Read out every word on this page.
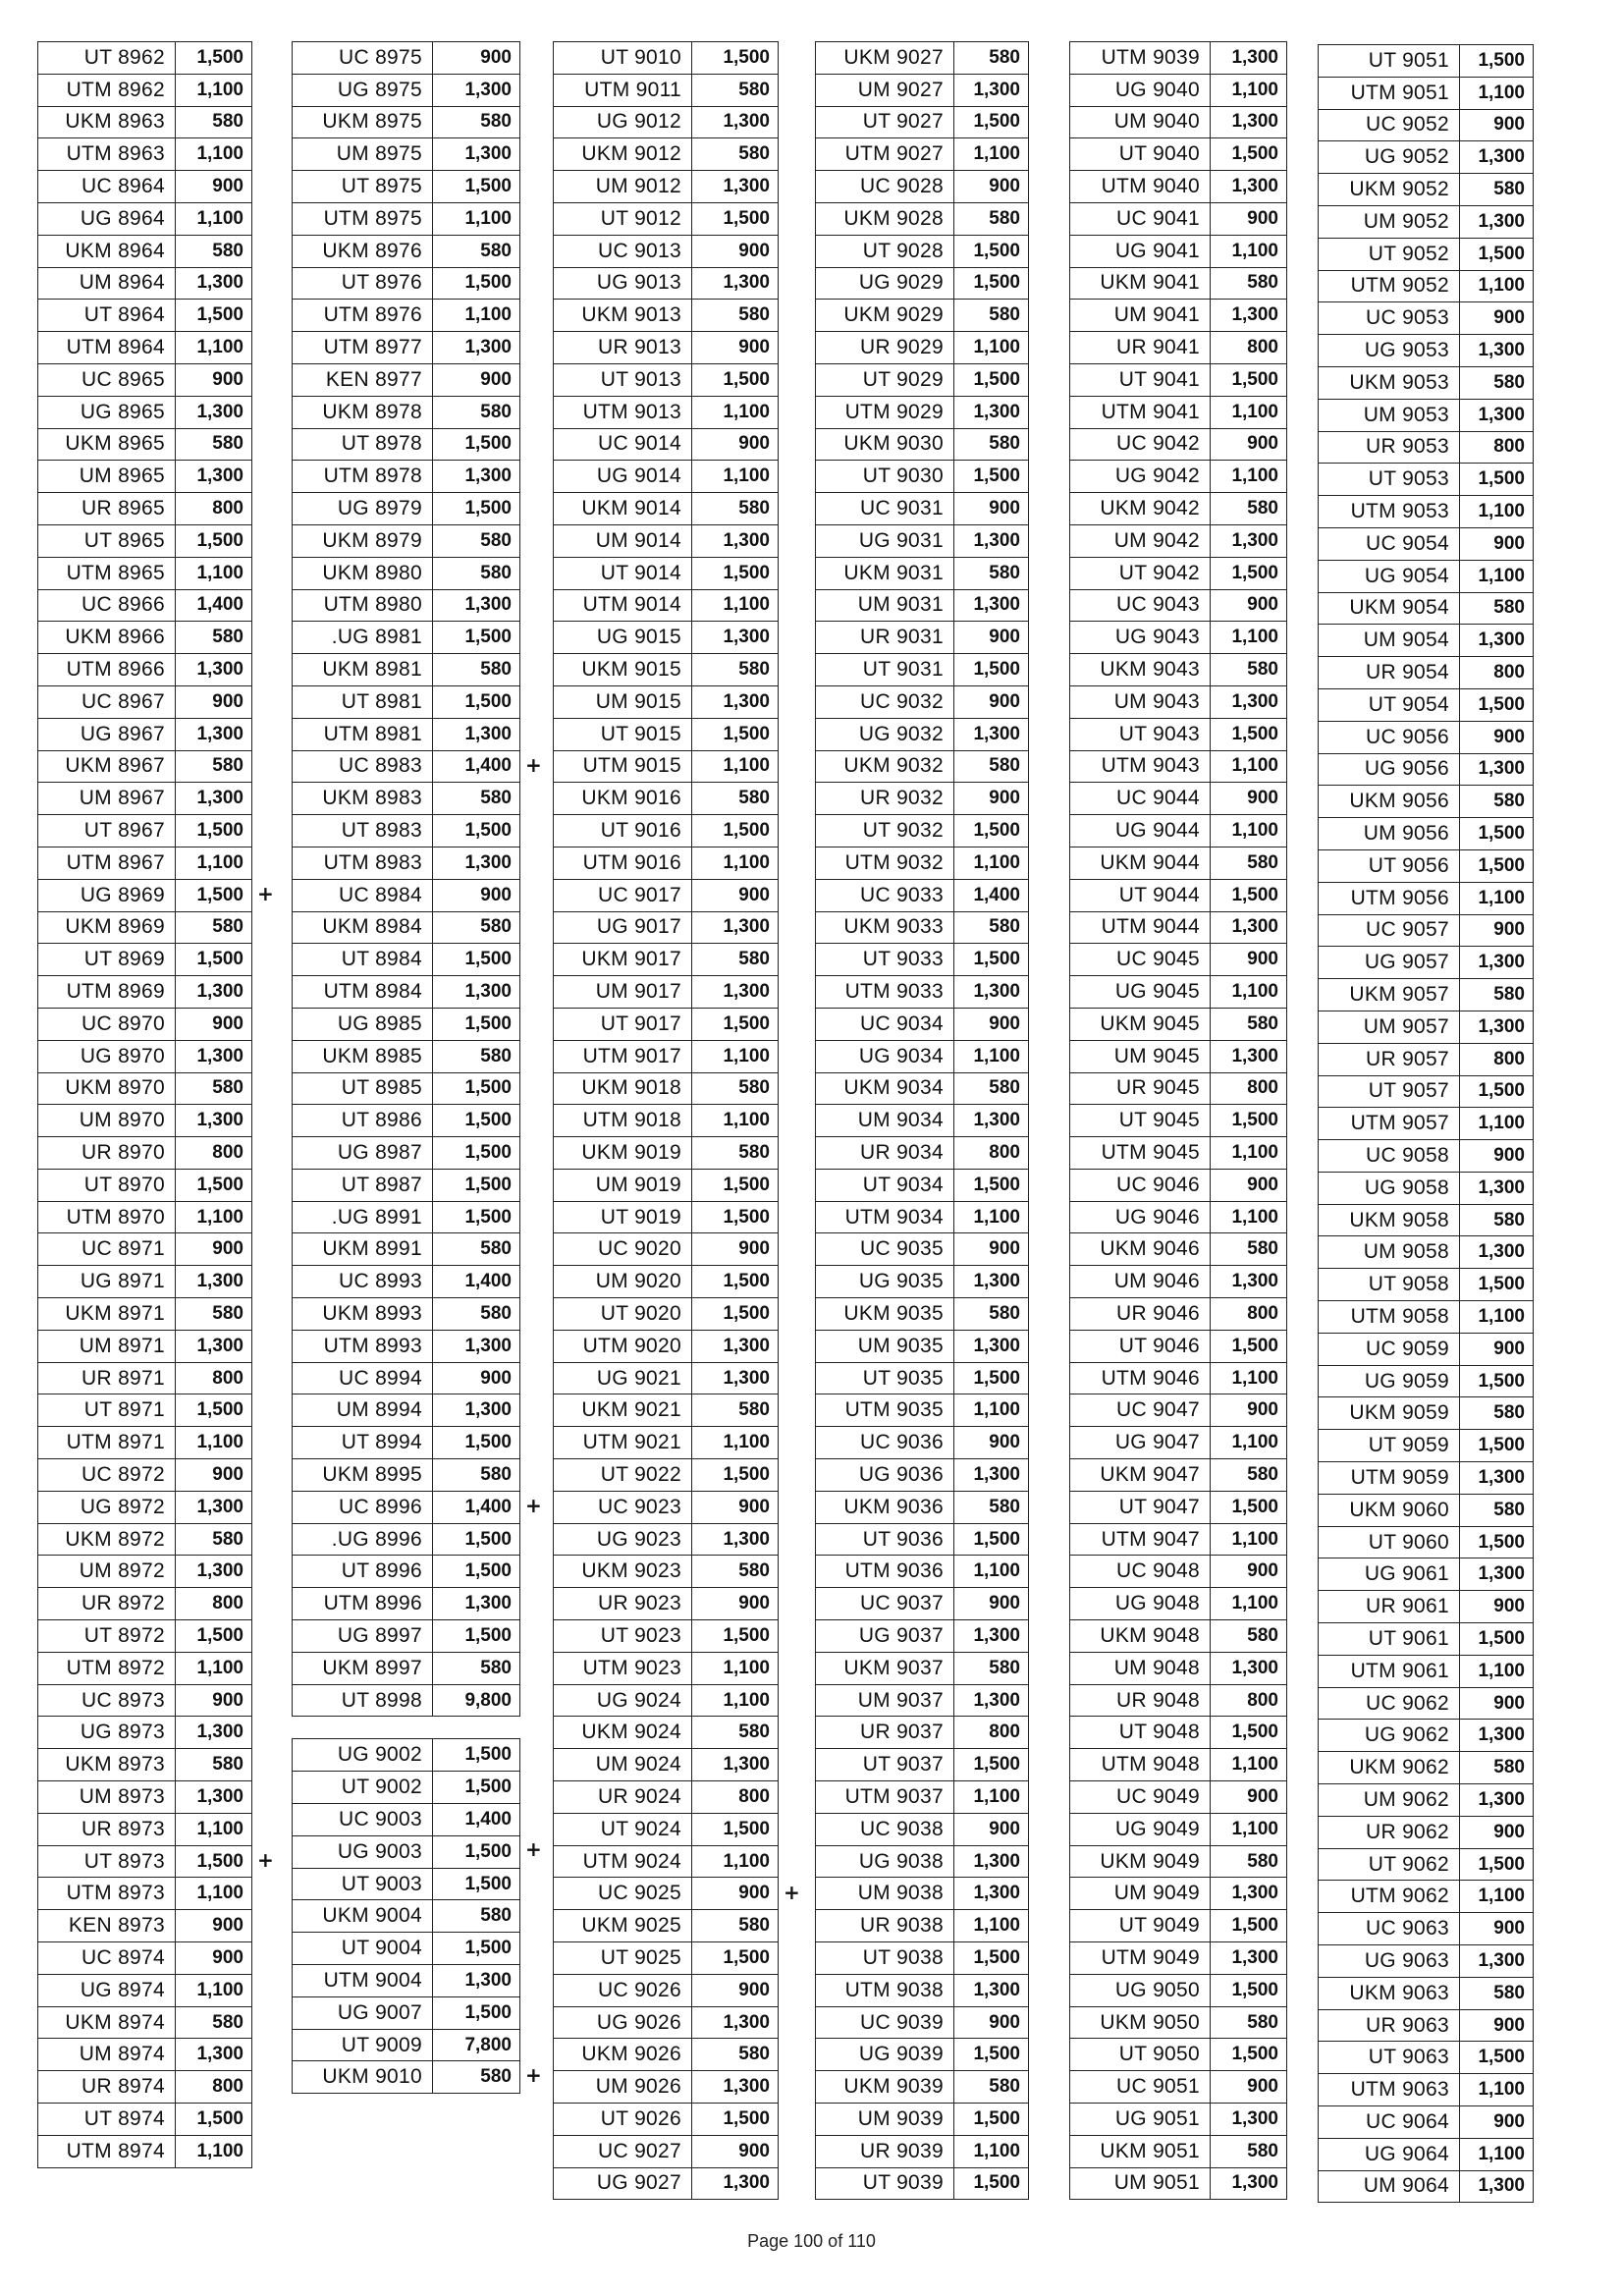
UT 8962	1,500
UTM 8962	1,100
UKM 8963	580
UTM 8963	1,100
UC 8964	900
UG 8964	1,100
UKM 8964	580
UM 8964	1,300
UT 8964	1,500
UTM 8964	1,100
UC 8965	900
UG 8965	1,300
UKM 8965	580
UM 8965	1,300
UR 8965	800
UT 8965	1,500
UTM 8965	1,100
UC 8966	1,400
UKM 8966	580
UTM 8966	1,300
UC 8967	900
UG 8967	1,300
UKM 8967	580
UM 8967	1,300
UT 8967	1,500
UTM 8967	1,100
UG 8969	1,500
UKM 8969	580
UT 8969	1,500
UTM 8969	1,300
UC 8970	900
UG 8970	1,300
UKM 8970	580
UM 8970	1,300
UR 8970	800
UT 8970	1,500
UTM 8970	1,100
UC 8971	900
UG 8971	1,300
UKM 8971	580
UM 8971	1,300
UR 8971	800
UT 8971	1,500
UTM 8971	1,100
UC 8972	900
UG 8972	1,300
UKM 8972	580
UM 8972	1,300
UR 8972	800
UT 8972	1,500
UTM 8972	1,100
UC 8973	900
UG 8973	1,300
UKM 8973	580
UM 8973	1,300
UR 8973	1,100
UT 8973	1,500
UTM 8973	1,100
KEN 8973	900
UC 8974	900
UG 8974	1,100
UKM 8974	580
UM 8974	1,300
UR 8974	800
UT 8974	1,500
UTM 8974	1,100
+
+
UC 8975	900
UG 8975	1,300
UKM 8975	580
UM 8975	1,300
UT 8975	1,500
UTM 8975	1,100
UKM 8976	580
UT 8976	1,500
UTM 8976	1,100
UTM 8977	1,300
KEN 8977	900
UKM 8978	580
UT 8978	1,500
UTM 8978	1,300
UG 8979	1,500
UKM 8979	580
UKM 8980	580
UTM 8980	1,300
.UG 8981	1,500
UKM 8981	580
UT 8981	1,500
UTM 8981	1,300
UC 8983	1,400
UKM 8983	580
UT 8983	1,500
UTM 8983	1,300
UC 8984	900
UKM 8984	580
UT 8984	1,500
UTM 8984	1,300
UG 8985	1,500
UKM 8985	580
UT 8985	1,500
UT 8986	1,500
UG 8987	1,500
UT 8987	1,500
.UG 8991	1,500
UKM 8991	580
UC 8993	1,400
UKM 8993	580
UTM 8993	1,300
UC 8994	900
UM 8994	1,300
UT 8994	1,500
UKM 8995	580
UC 8996	1,400
.UG 8996	1,500
UT 8996	1,500
UTM 8996	1,300
UG 8997	1,500
UKM 8997	580
UT 8998	9,800
+
+
UG 9002	1,500
UT 9002	1,500
UC 9003	1,400
UG 9003	1,500
UT 9003	1,500
UKM 9004	580
UT 9004	1,500
UTM 9004	1,300
UG 9007	1,500
UT 9009	7,800
UKM 9010	580
+
+
UT 9010	1,500
UTM 9011	580
UG 9012	1,300
UKM 9012	580
UM 9012	1,300
UT 9012	1,500
UC 9013	900
UG 9013	1,300
UKM 9013	580
UR 9013	900
UT 9013	1,500
UTM 9013	1,100
UC 9014	900
UG 9014	1,100
UKM 9014	580
UM 9014	1,300
UT 9014	1,500
UTM 9014	1,100
UG 9015	1,300
UKM 9015	580
UM 9015	1,300
UT 9015	1,500
UTM 9015	1,100
UKM 9016	580
UT 9016	1,500
UTM 9016	1,100
UC 9017	900
UG 9017	1,300
UKM 9017	580
UM 9017	1,300
UT 9017	1,500
UTM 9017	1,100
UKM 9018	580
UTM 9018	1,100
UKM 9019	580
UM 9019	1,500
UT 9019	1,500
UC 9020	900
UM 9020	1,500
UT 9020	1,500
UTM 9020	1,300
UG 9021	1,300
UKM 9021	580
UTM 9021	1,100
UT 9022	1,500
UC 9023	900
UG 9023	1,300
UKM 9023	580
UR 9023	900
UT 9023	1,500
UTM 9023	1,100
UG 9024	1,100
UKM 9024	580
UM 9024	1,300
UR 9024	800
UT 9024	1,500
UTM 9024	1,100
UC 9025	900
UKM 9025	580
UT 9025	1,500
UC 9026	900
UG 9026	1,300
UKM 9026	580
UM 9026	1,300
UT 9026	1,500
UC 9027	900
UG 9027	1,300
+
UKM 9027	580
UM 9027	1,300
UT 9027	1,500
UTM 9027	1,100
UC 9028	900
UKM 9028	580
UT 9028	1,500
UG 9029	1,500
UKM 9029	580
UR 9029	1,100
UT 9029	1,500
UTM 9029	1,300
UKM 9030	580
UT 9030	1,500
UC 9031	900
UG 9031	1,300
UKM 9031	580
UM 9031	1,300
UR 9031	900
UT 9031	1,500
UC 9032	900
UG 9032	1,300
UKM 9032	580
UR 9032	900
UT 9032	1,500
UTM 9032	1,100
UC 9033	1,400
UKM 9033	580
UT 9033	1,500
UTM 9033	1,300
UC 9034	900
UG 9034	1,100
UKM 9034	580
UM 9034	1,300
UR 9034	800
UT 9034	1,500
UTM 9034	1,100
UC 9035	900
UG 9035	1,300
UKM 9035	580
UM 9035	1,300
UT 9035	1,500
UTM 9035	1,100
UC 9036	900
UG 9036	1,300
UKM 9036	580
UT 9036	1,500
UTM 9036	1,100
UC 9037	900
UG 9037	1,300
UKM 9037	580
UM 9037	1,300
UR 9037	800
UT 9037	1,500
UTM 9037	1,100
UC 9038	900
UG 9038	1,300
UM 9038	1,300
UR 9038	1,100
UT 9038	1,500
UTM 9038	1,300
UC 9039	900
UG 9039	1,500
UKM 9039	580
UM 9039	1,500
UR 9039	1,100
UT 9039	1,500
UTM 9039	1,300
UG 9040	1,100
UM 9040	1,300
UT 9040	1,500
UTM 9040	1,300
UC 9041	900
UG 9041	1,100
UKM 9041	580
UM 9041	1,300
UR 9041	800
UT 9041	1,500
UTM 9041	1,100
UC 9042	900
UG 9042	1,100
UKM 9042	580
UM 9042	1,300
UT 9042	1,500
UC 9043	900
UG 9043	1,100
UKM 9043	580
UM 9043	1,300
UT 9043	1,500
UTM 9043	1,100
UC 9044	900
UG 9044	1,100
UKM 9044	580
UT 9044	1,500
UTM 9044	1,300
UC 9045	900
UG 9045	1,100
UKM 9045	580
UM 9045	1,300
UR 9045	800
UT 9045	1,500
UTM 9045	1,100
UC 9046	900
UG 9046	1,100
UKM 9046	580
UM 9046	1,300
UR 9046	800
UT 9046	1,500
UTM 9046	1,100
UC 9047	900
UG 9047	1,100
UKM 9047	580
UT 9047	1,500
UTM 9047	1,100
UC 9048	900
UG 9048	1,100
UKM 9048	580
UM 9048	1,300
UR 9048	800
UT 9048	1,500
UTM 9048	1,100
UC 9049	900
UG 9049	1,100
UKM 9049	580
UM 9049	1,300
UT 9049	1,500
UTM 9049	1,300
UG 9050	1,500
UKM 9050	580
UT 9050	1,500
UC 9051	900
UG 9051	1,300
UKM 9051	580
UM 9051	1,300
UT 9051	1,500
UTM 9051	1,100
UC 9052	900
UG 9052	1,300
UKM 9052	580
UM 9052	1,300
UT 9052	1,500
UTM 9052	1,100
UC 9053	900
UG 9053	1,300
UKM 9053	580
UM 9053	1,300
UR 9053	800
UT 9053	1,500
UTM 9053	1,100
UC 9054	900
UG 9054	1,100
UKM 9054	580
UM 9054	1,300
UR 9054	800
UT 9054	1,500
UC 9056	900
UG 9056	1,300
UKM 9056	580
UM 9056	1,500
UT 9056	1,500
UTM 9056	1,100
UC 9057	900
UG 9057	1,300
UKM 9057	580
UM 9057	1,300
UR 9057	800
UT 9057	1,500
UTM 9057	1,100
UC 9058	900
UG 9058	1,300
UKM 9058	580
UM 9058	1,300
UT 9058	1,500
UTM 9058	1,100
UC 9059	900
UG 9059	1,500
UKM 9059	580
UT 9059	1,500
UTM 9059	1,300
UKM 9060	580
UT 9060	1,500
UG 9061	1,300
UR 9061	900
UT 9061	1,500
UTM 9061	1,100
UC 9062	900
UG 9062	1,300
UKM 9062	580
UM 9062	1,300
UR 9062	900
UT 9062	1,500
UTM 9062	1,100
UC 9063	900
UG 9063	1,300
UKM 9063	580
UR 9063	900
UT 9063	1,500
UTM 9063	1,100
UC 9064	900
UG 9064	1,100
UM 9064	1,300
Page 100 of 110
